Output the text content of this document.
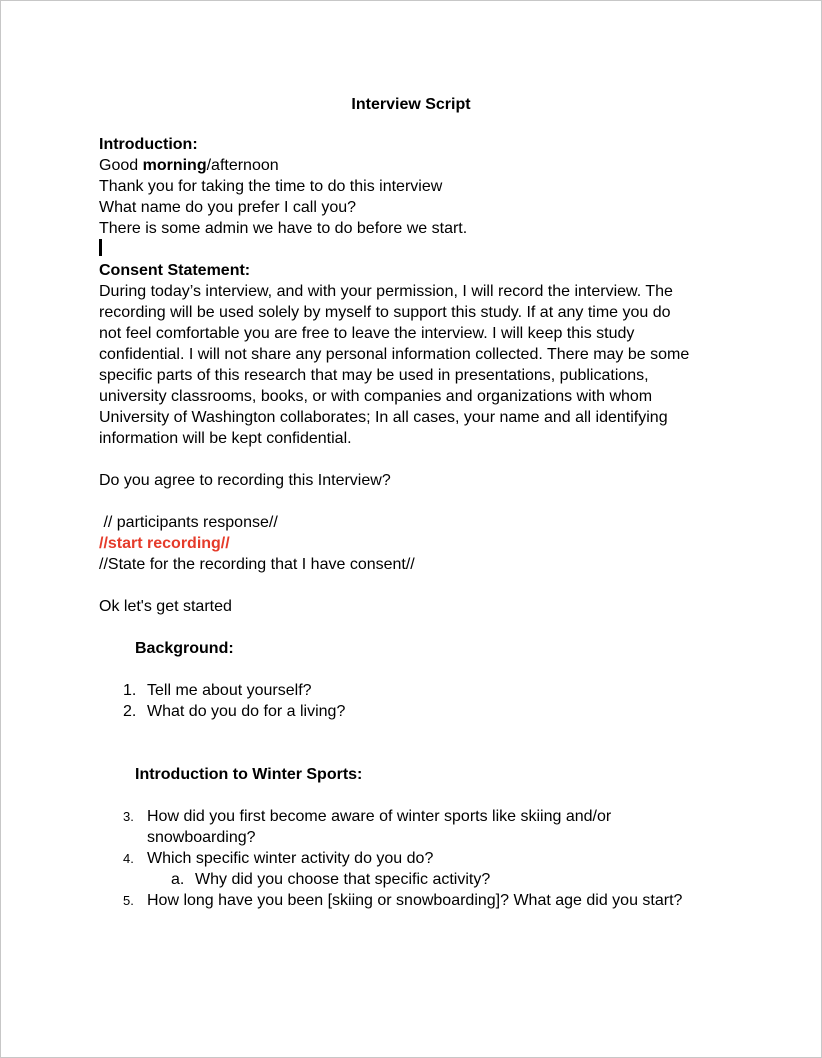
Interview Script

Introduction:

Good morning/afternoon

Thank you for taking the time to do this interview

What name do you prefer I call you?

There is some admin we have to do before we start.

Consent Statement:

During today’s interview, and with your permission, I will record the interview. The

recording will be used solely by myself to support this study. If at any time you do

not feel comfortable you are free to leave the interview. I will keep this study

confidential. I will not share any personal information collected. There may be some

specific parts of this research that may be used in presentations, publications,

university classrooms, books, or with companies and organizations with whom

University of Washington collaborates; In all cases, your name and all identifying

information will be kept confidential.

Do you agree to recording this Interview?

// participants response//

//start recording//

//State for the recording that I have consent//

Ok let's get started

Background:

1. Tell me about yourself?
2. What do you do for a living?

Introduction to Winter Sports:

3. How did you first become aware of winter sports like skiing and/or
snowboarding?
4. Which specific winter activity do you do?
a. Why did you choose that specific activity?
5. How long have you been [skiing or snowboarding]? What age did you start?
